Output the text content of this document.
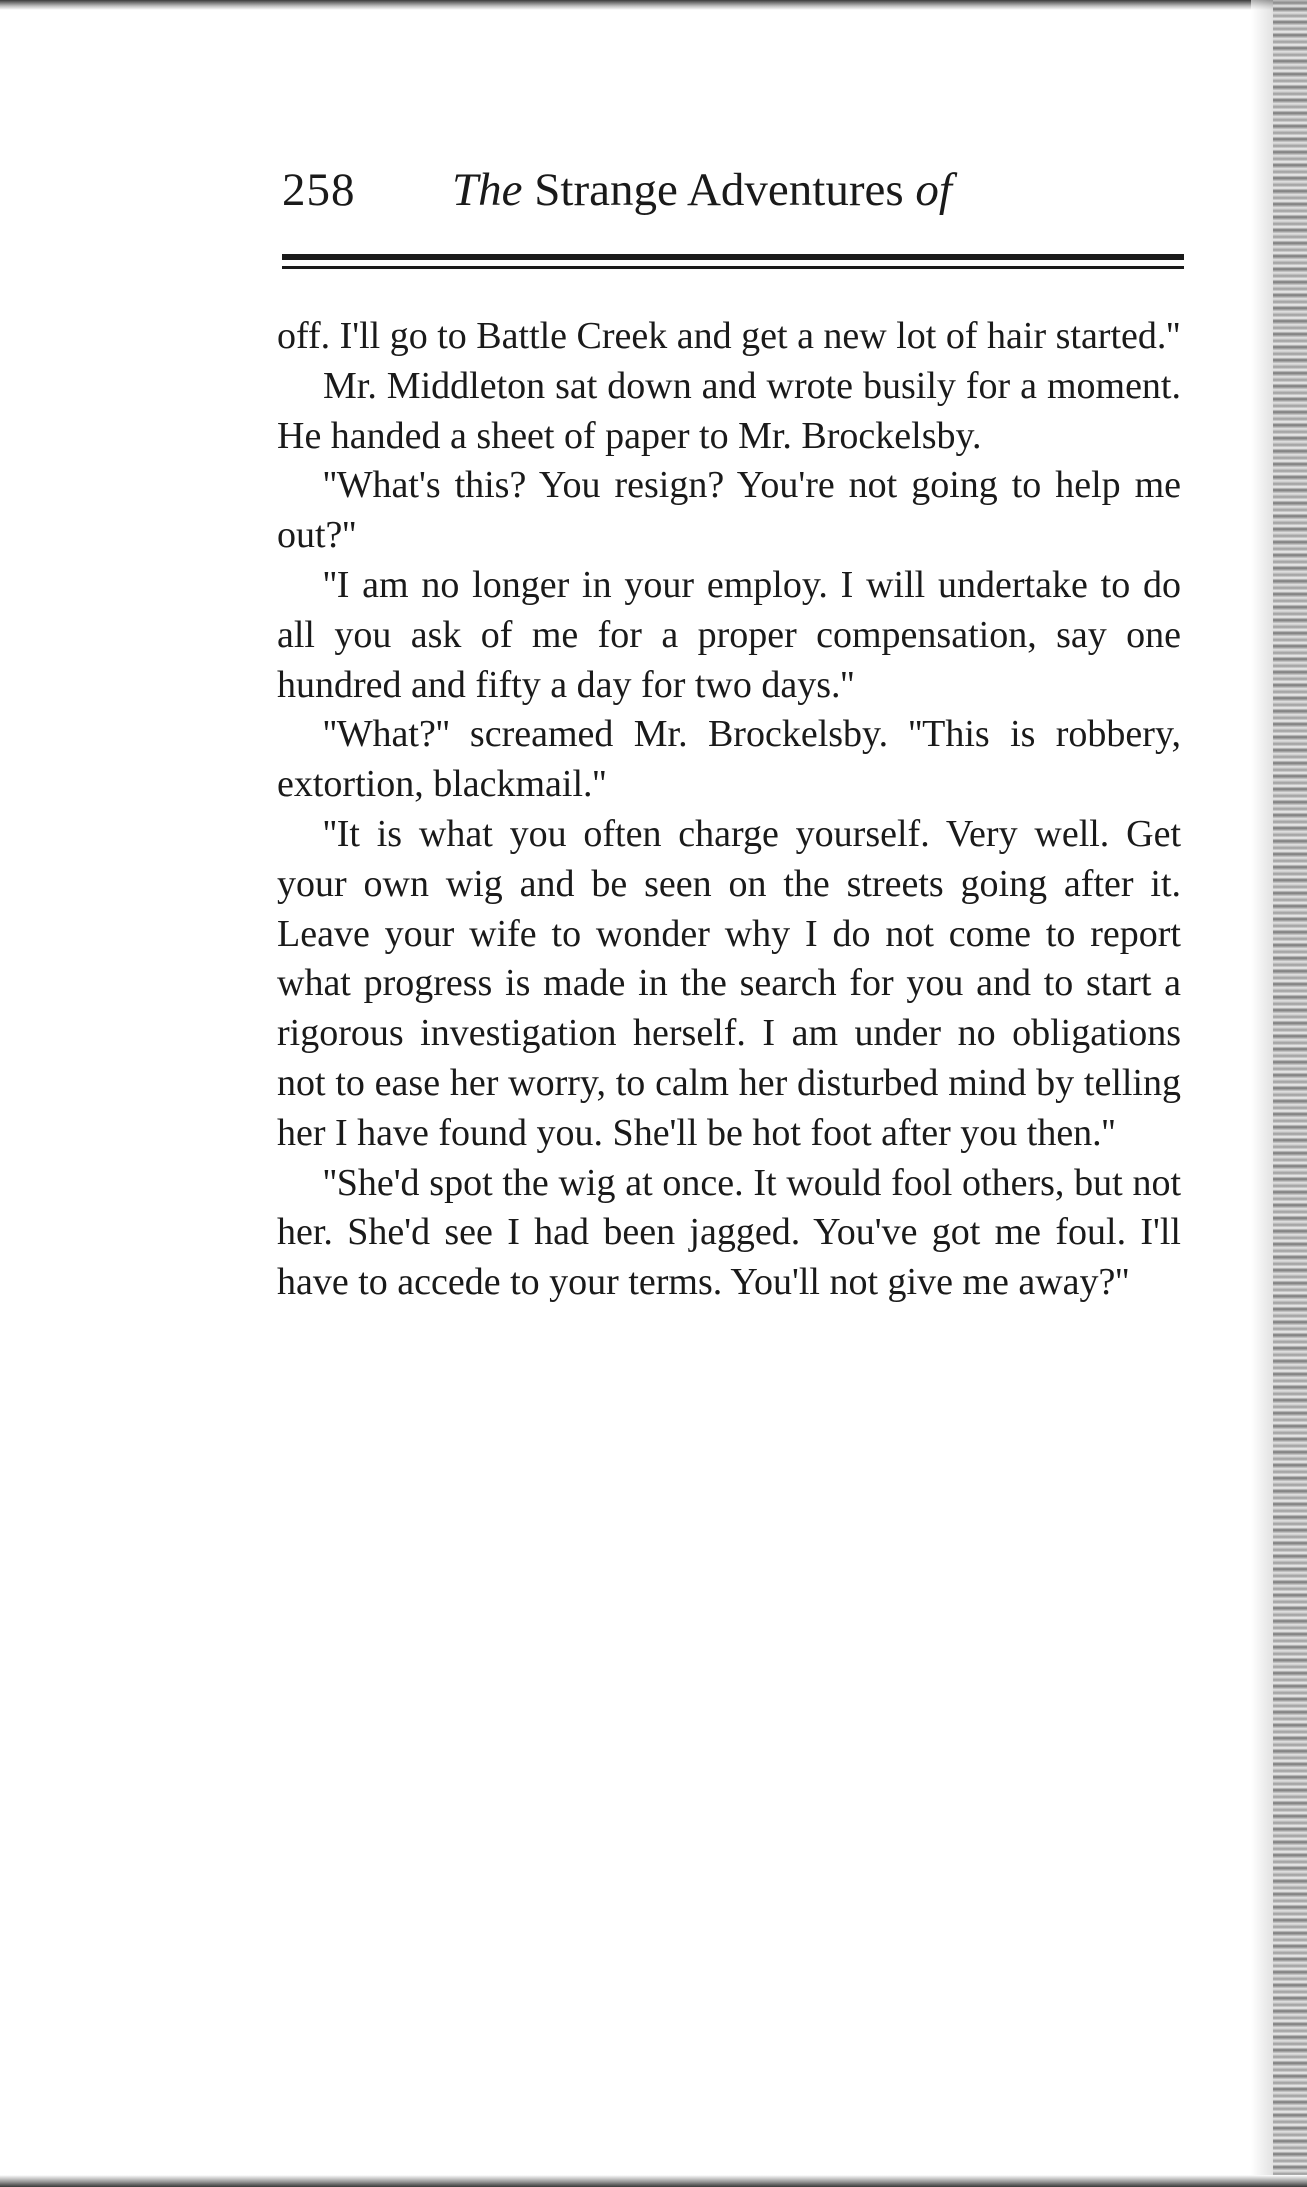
258 The Strange Adventures of

off. I'll go to Battle Creek and get a new lot of hair started.''

Mr. Middleton sat down and wrote busily for a moment. He handed a sheet of paper to Mr. Brockelsby.

''What's this? You resign? You're not going to help me out?''

''I am no longer in your employ. I will undertake to do all you ask of me for a proper compensation, say one hundred and fifty a day for two days.''

''What?'' screamed Mr. Brockelsby. ''This is robbery, extortion, blackmail.''

''It is what you often charge yourself. Very well. Get your own wig and be seen on the streets going after it. Leave your wife to wonder why I do not come to report what progress is made in the search for you and to start a rigorous investigation herself. I am under no obligations not to ease her worry, to calm her disturbed mind by telling her I have found you. She'll be hot foot after you then.''

''She'd spot the wig at once. It would fool others, but not her. She'd see I had been jagged. You've got me foul. I'll have to accede to your terms. You'll not give me away?''
